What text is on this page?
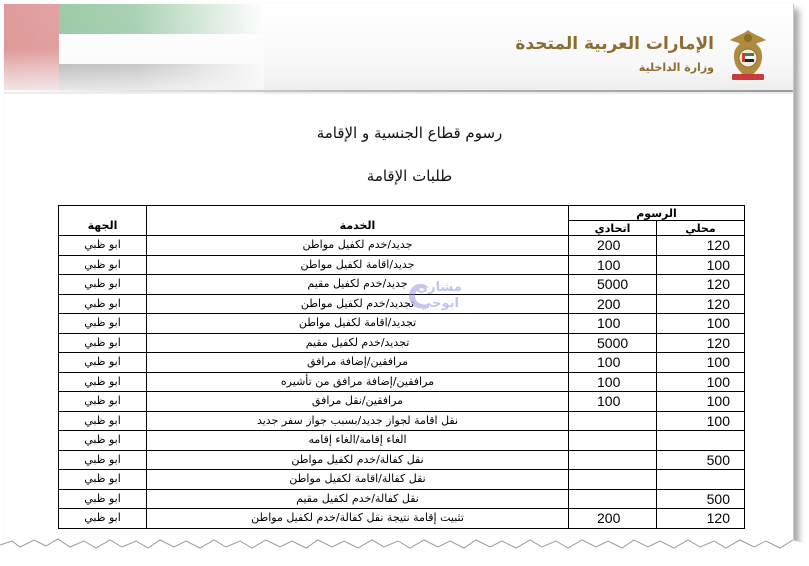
الإمارات العربية المتحدة
وزارة الداخلية
رسوم قطاع الجنسية و الإقامة
طلبات الإقامة
الرسوم		الخدمة	الجهة
محلي	اتحادي		
120	200	جديد/خدم لكفيل مواطن	ابو ظبي
100	100	جديد/اقامة لكفيل مواطن	ابو ظبي
120	5000	جديد/خدم لكفيل مقيم	ابو ظبي
120	200	تجديد/خدم لكفيل مواطن	ابو ظبي
100	100	تجديد/اقامة لكفيل مواطن	ابو ظبي
120	5000	تجديد/خدم لكفيل مقيم	ابو ظبي
100	100	مرافقين/إضافة مرافق	ابو ظبي
100	100	مرافقين/إضافة مرافق من تأشيره	ابو ظبي
100	100	مرافقين/نقل مرافق	ابو ظبي
100		نقل اقامة لجواز جديد/بسبب جواز سفر جديد	ابو ظبي
		الغاء إقامة/الغاء إقامه	ابو ظبي
500		نقل كفالة/خدم لكفيل مواطن	ابو ظبي
		نقل كفالة/اقامة لكفيل مواطن	ابو ظبي
500		نقل كفالة/خدم لكفيل مقيم	ابو ظبي
120	200	تثبيت إقامة نتيجة نقل كفالة/خدم لكفيل مواطن	ابو ظبي
مشاري
ابوجي
